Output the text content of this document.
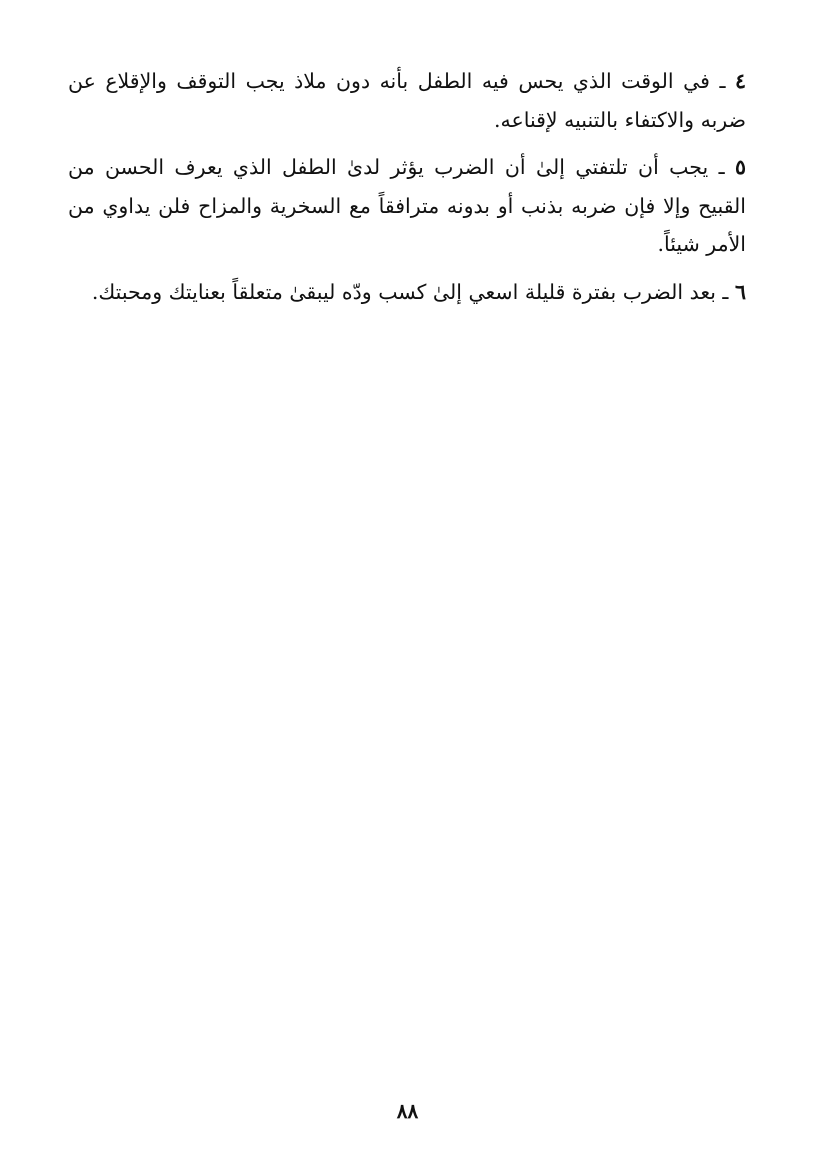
٤ ـ في الوقت الذي يحس فيه الطفل بأنه دون ملاذ يجب التوقف والإقلاع عن ضربه والاكتفاء بالتنبيه لإقناعه.

٥ ـ يجب أن تلتفتي إلىٰ أن الضرب يؤثر لدىٰ الطفل الذي يعرف الحسن من القبيح وإلا فإن ضربه بذنب أو بدونه مترافقاً مع السخرية والمزاح فلن يداوي من الأمر شيئاً.

٦ ـ بعد الضرب بفترة قليلة اسعي إلىٰ كسب ودّه ليبقىٰ متعلقاً بعنايتك ومحبتك.

٨٨
